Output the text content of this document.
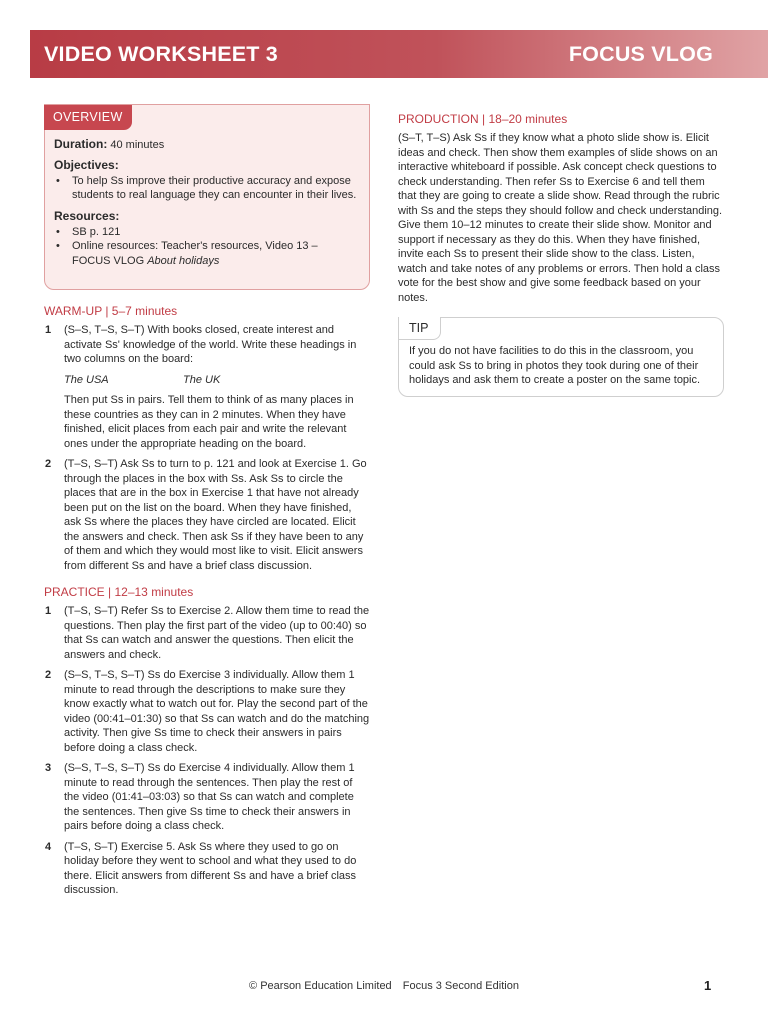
VIDEO WORKSHEET 3	FOCUS VLOG
OVERVIEW
Duration: 40 minutes
Objectives:
• To help Ss improve their productive accuracy and expose students to real language they can encounter in their lives.
Resources:
• SB p. 121
• Online resources: Teacher's resources, Video 13 – FOCUS VLOG About holidays
WARM-UP | 5–7 minutes
1 (S–S, T–S, S–T) With books closed, create interest and activate Ss' knowledge of the world. Write these headings in two columns on the board:

The USA	The UK

Then put Ss in pairs. Tell them to think of as many places in these countries as they can in 2 minutes. When they have finished, elicit places from each pair and write the relevant ones under the appropriate heading on the board.

2 (T–S, S–T) Ask Ss to turn to p. 121 and look at Exercise 1. Go through the places in the box with Ss. Ask Ss to circle the places that are in the box in Exercise 1 that have not already been put on the list on the board. When they have finished, ask Ss where the places they have circled are located. Elicit the answers and check. Then ask Ss if they have been to any of them and which they would most like to visit. Elicit answers from different Ss and have a brief class discussion.

PRACTICE | 12–13 minutes
1 (T–S, S–T) Refer Ss to Exercise 2. Allow them time to read the questions. Then play the first part of the video (up to 00:40) so that Ss can watch and answer the questions. Then elicit the answers and check.

2 (S–S, T–S, S–T) Ss do Exercise 3 individually. Allow them 1 minute to read through the descriptions to make sure they know exactly what to watch out for. Play the second part of the video (00:41–01:30) so that Ss can watch and do the matching activity. Then give Ss time to check their answers in pairs before doing a class check.

3 (S–S, T–S, S–T) Ss do Exercise 4 individually. Allow them 1 minute to read through the sentences. Then play the rest of the video (01:41–03:03) so that Ss can watch and complete the sentences. Then give Ss time to check their answers in pairs before doing a class check.

4 (T–S, S–T) Exercise 5. Ask Ss where they used to go on holiday before they went to school and what they used to do there. Elicit answers from different Ss and have a brief class discussion.

PRODUCTION | 18–20 minutes

(S–T, T–S) Ask Ss if they know what a photo slide show is. Elicit ideas and check. Then show them examples of slide shows on an interactive whiteboard if possible. Ask concept check questions to check understanding. Then refer Ss to Exercise 6 and tell them that they are going to create a slide show. Read through the rubric with Ss and the steps they should follow and check understanding. Give them 10–12 minutes to create their slide show. Monitor and support if necessary as they do this. When they have finished, invite each Ss to present their slide show to the class. Listen, watch and take notes of any problems or errors. Then hold a class vote for the best show and give some feedback based on your notes.

TIP

If you do not have facilities to do this in the classroom, you could ask Ss to bring in photos they took during one of their holidays and ask them to create a poster on the same topic.

© Pearson Education Limited Focus 3 Second Edition	1
